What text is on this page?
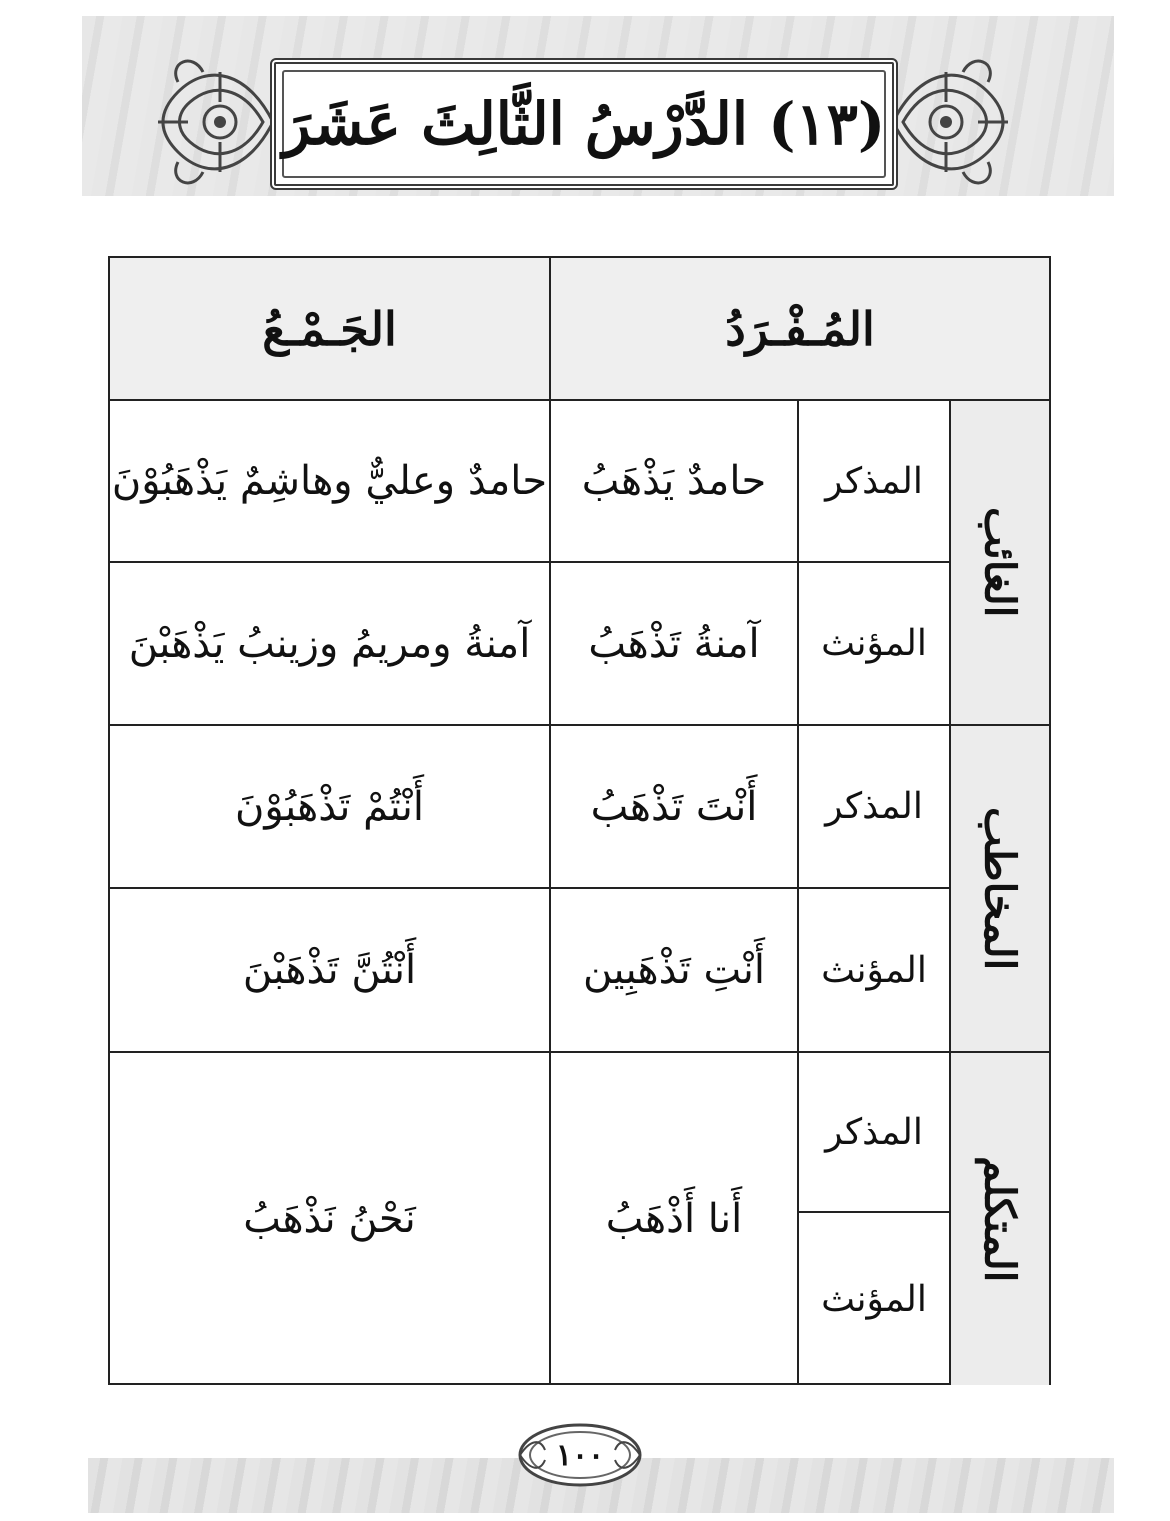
(١٣) الدَّرْسُ الثَّالِثَ عَشَرَ
الجَـمْـعُ	المُـفْـرَدُ
الغائب
المخاطب
المتكلم
المذكر
المؤنث
المذكر
المؤنث
المذكر
المؤنث
حامدٌ يَذْهَبُ
آمنةُ تَذْهَبُ
أَنْتَ تَذْهَبُ
أَنْتِ تَذْهَبِين
أَنا أَذْهَبُ
حامدٌ وعليٌّ وهاشِمٌ يَذْهَبُوْنَ
آمنةُ ومريمُ وزينبُ يَذْهَبْنَ
أَنْتُمْ تَذْهَبُوْنَ
أَنْتُنَّ تَذْهَبْنَ
نَحْنُ نَذْهَبُ
١٠٠
